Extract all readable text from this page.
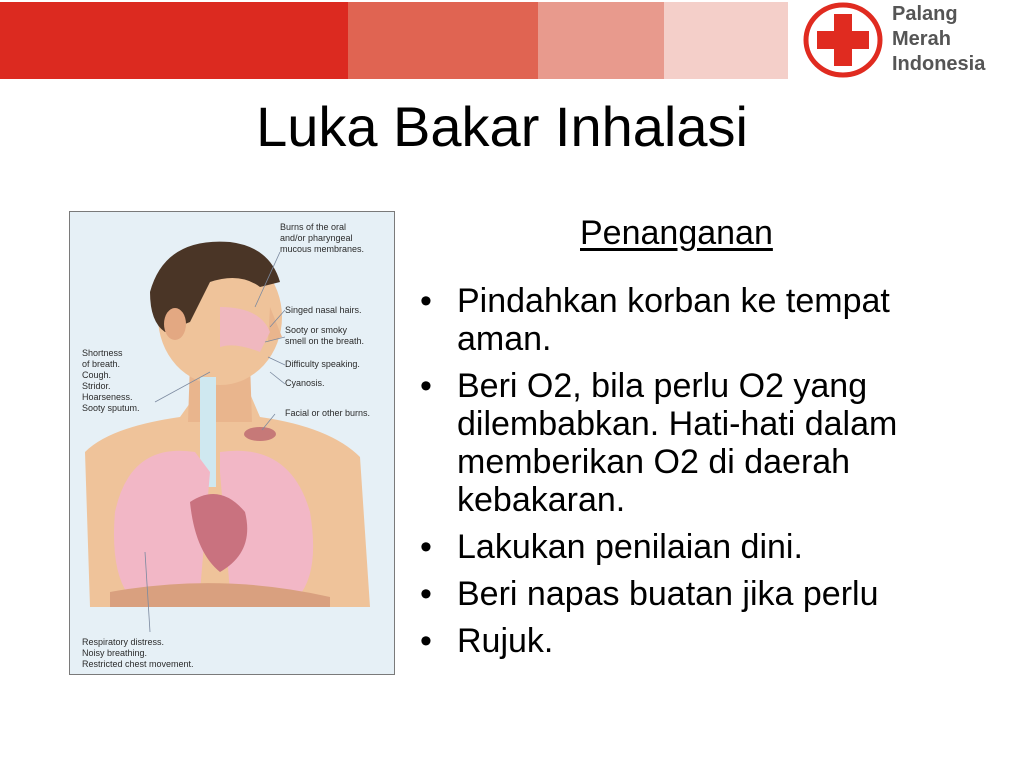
Palang
Merah
Indonesia
Luka Bakar Inhalasi
Burns of the oral
and/or pharyngeal
mucous membranes.
Singed nasal hairs.
Sooty or smoky
smell on the breath.
Difficulty speaking.
Cyanosis.
Facial or other burns.
Shortness
of breath.
Cough.
Stridor.
Hoarseness.
Sooty sputum.
Respiratory distress.
Noisy breathing.
Restricted chest movement.
Penanganan
• Pindahkan korban ke tempat aman.
• Beri O2, bila perlu O2 yang dilembabkan. Hati-hati dalam memberikan O2 di daerah kebakaran.
• Lakukan penilaian dini.
• Beri napas buatan jika perlu
• Rujuk.
